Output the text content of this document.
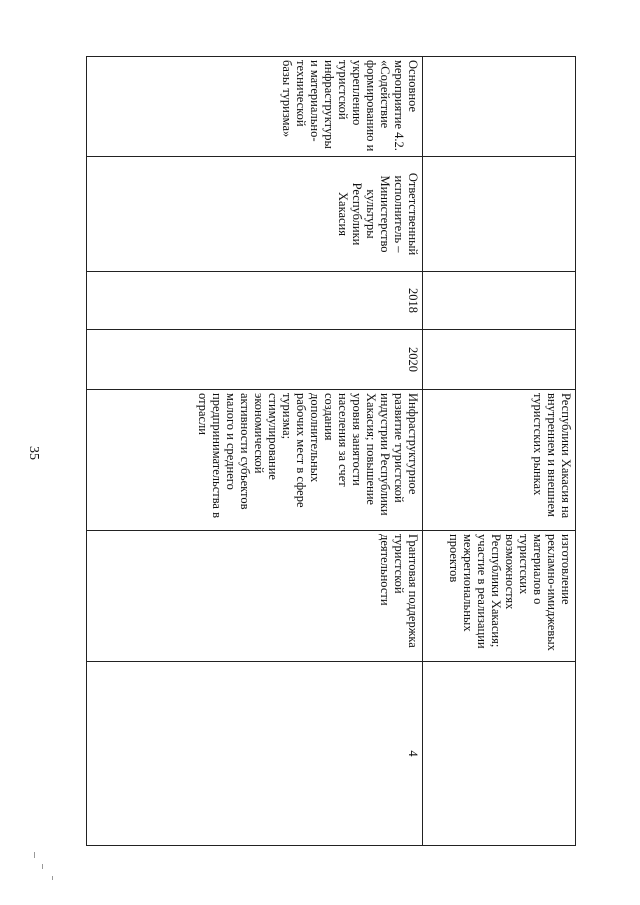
35
					Республики Хакасия на внутреннем и внешнем туристских рынках	изготовление рекламно-имиджевых материалов о туристских возможностях Республики Хакасия; участие в реализации межрегиональных проектов	
Основное мероприятие 4.2. «Содействие формированию и укреплению туристской инфраструктуры и материально-технической базы туризма»	Ответственный исполнитель – Министерство культуры Республики Хакасия	2018	2020	Инфраструктурное развитие туристской индустрии Республики Хакасия; повышение уровня занятости населения за счет создания дополнительных рабочих мест в сфере туризма; стимулирование экономической активности субъектов малого и среднего предпринимательства в отрасли	Грантовая поддержка туристской деятельности	4
